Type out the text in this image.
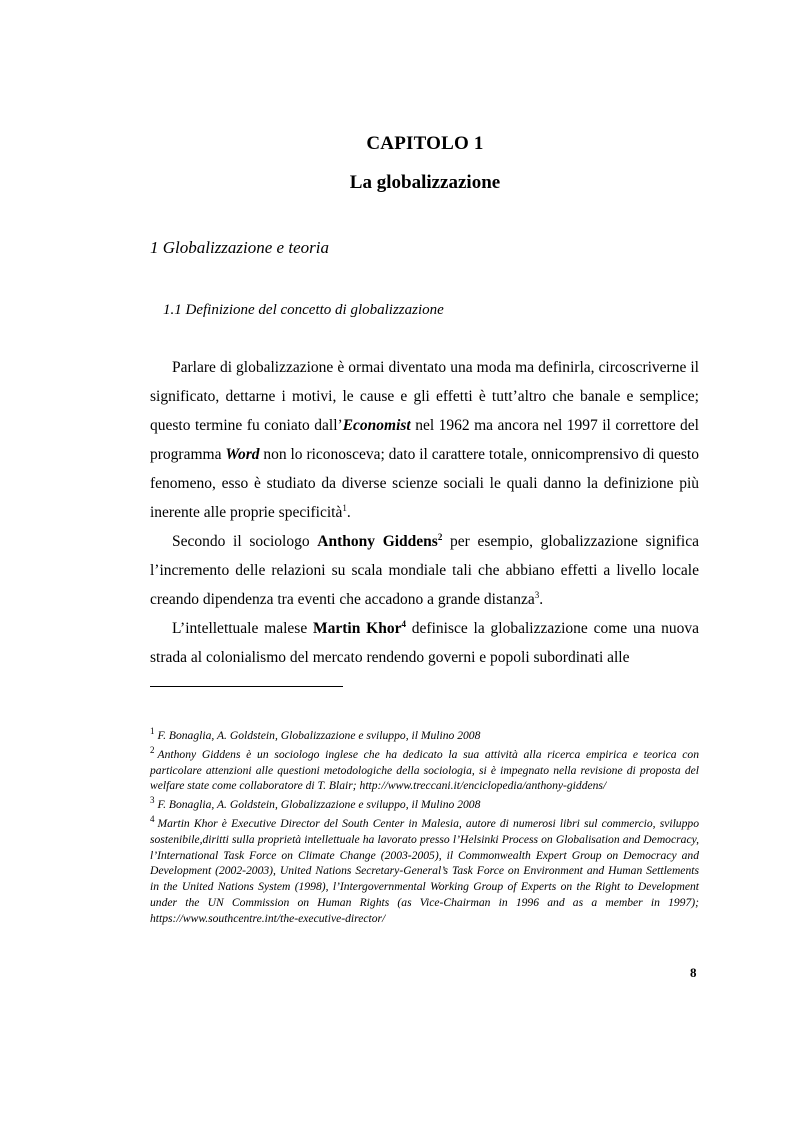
CAPITOLO 1
La globalizzazione
1 Globalizzazione e teoria
1.1 Definizione del concetto di globalizzazione

Parlare di globalizzazione è ormai diventato una moda ma definirla, circoscriverne il significato, dettarne i motivi, le cause e gli effetti è tutt’altro che banale e semplice; questo termine fu coniato dall’Economist nel 1962 ma ancora nel 1997 il correttore del programma Word non lo riconosceva; dato il carattere totale, onnicomprensivo di questo fenomeno, esso è studiato da diverse scienze sociali le quali danno la definizione più inerente alle proprie specificità$^1$.

Secondo il sociologo Anthony Giddens$^2$ per esempio, globalizzazione significa l’incremento delle relazioni su scala mondiale tali che abbiano effetti a livello locale creando dipendenza tra eventi che accadono a grande distanza$^3$.

L’intellettuale malese Martin Khor$^4$ definisce la globalizzazione come una nuova strada al colonialismo del mercato rendendo governi e popoli subordinati alle

$^1$ F. Bonaglia, A. Goldstein, Globalizzazione e sviluppo, il Mulino 2008
$^2$ Anthony Giddens è un sociologo inglese che ha dedicato la sua attività alla ricerca empirica e teorica con particolare attenzioni alle questioni metodologiche della sociologia, si è impegnato nella revisione di proposta del welfare state come collaboratore di T. Blair; http://www.treccani.it/enciclopedia/anthony-giddens/
$^3$ F. Bonaglia, A. Goldstein, Globalizzazione e sviluppo, il Mulino 2008
$^4$ Martin Khor è Executive Director del South Center in Malesia, autore di numerosi libri sul commercio, sviluppo sostenibile,diritti sulla proprietà intellettuale ha lavorato presso l’Helsinki Process on Globalisation and Democracy, l’International Task Force on Climate Change (2003-2005), il Commonwealth Expert Group on Democracy and Development (2002-2003), United Nations Secretary-General’s Task Force on Environment and Human Settlements in the United Nations System (1998), l’Intergovernmental Working Group of Experts on the Right to Development under the UN Commission on Human Rights (as Vice-Chairman in 1996 and as a member in 1997); https://www.southcentre.int/the-executive-director/
8
